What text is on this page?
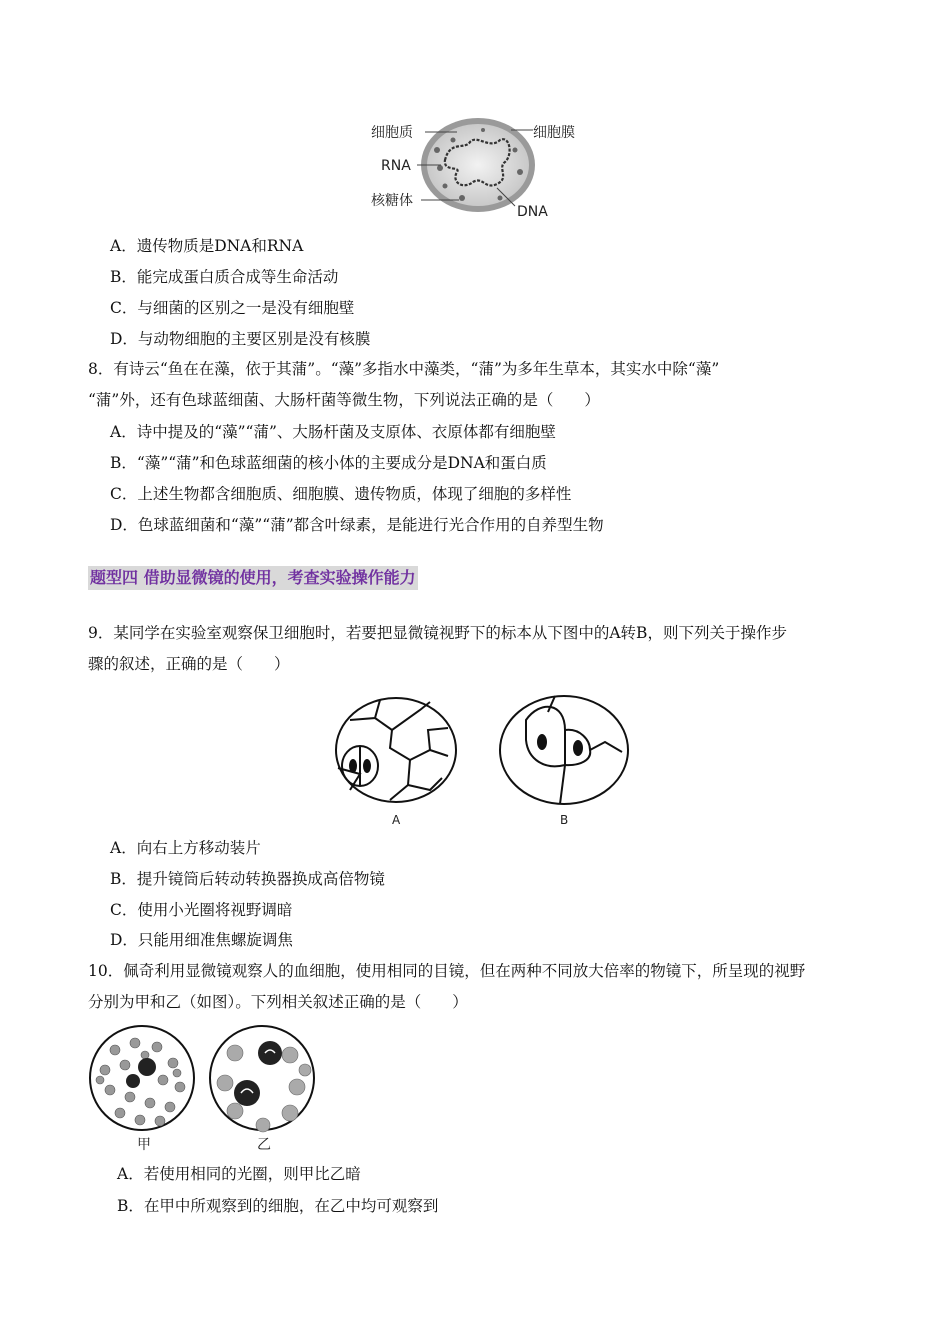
细胞质	细胞膜
RNA
核糖体
DNA
A．遗传物质是DNA和RNA
B．能完成蛋白质合成等生命活动
C．与细菌的区别之一是没有细胞壁
D．与动物细胞的主要区别是没有核膜
8．有诗云“鱼在在藻，依于其蒲”。“藻”多指水中藻类，“蒲”为多年生草本，其实水中除“藻”
“蒲”外，还有色球蓝细菌、大肠杆菌等微生物，下列说法正确的是（　　）
A．诗中提及的“藻”“蒲”、大肠杆菌及支原体、衣原体都有细胞壁
B．“藻”“蒲”和色球蓝细菌的核小体的主要成分是DNA和蛋白质
C．上述生物都含细胞质、细胞膜、遗传物质，体现了细胞的多样性
D．色球蓝细菌和“藻”“蒲”都含叶绿素，是能进行光合作用的自养型生物
题型四 借助显微镜的使用，考查实验操作能力
9．某同学在实验室观察保卫细胞时，若要把显微镜视野下的标本从下图中的A转B，则下列关于操作步
骤的叙述，正确的是（　　）
A	B
A．向右上方移动装片
B．提升镜筒后转动转换器换成高倍物镜
C．使用小光圈将视野调暗
D．只能用细准焦螺旋调焦
10．佩奇利用显微镜观察人的血细胞，使用相同的目镜，但在两种不同放大倍率的物镜下，所呈现的视野
分别为甲和乙（如图）。下列相关叙述正确的是（　　）
甲	乙
A．若使用相同的光圈，则甲比乙暗
B．在甲中所观察到的细胞，在乙中均可观察到
